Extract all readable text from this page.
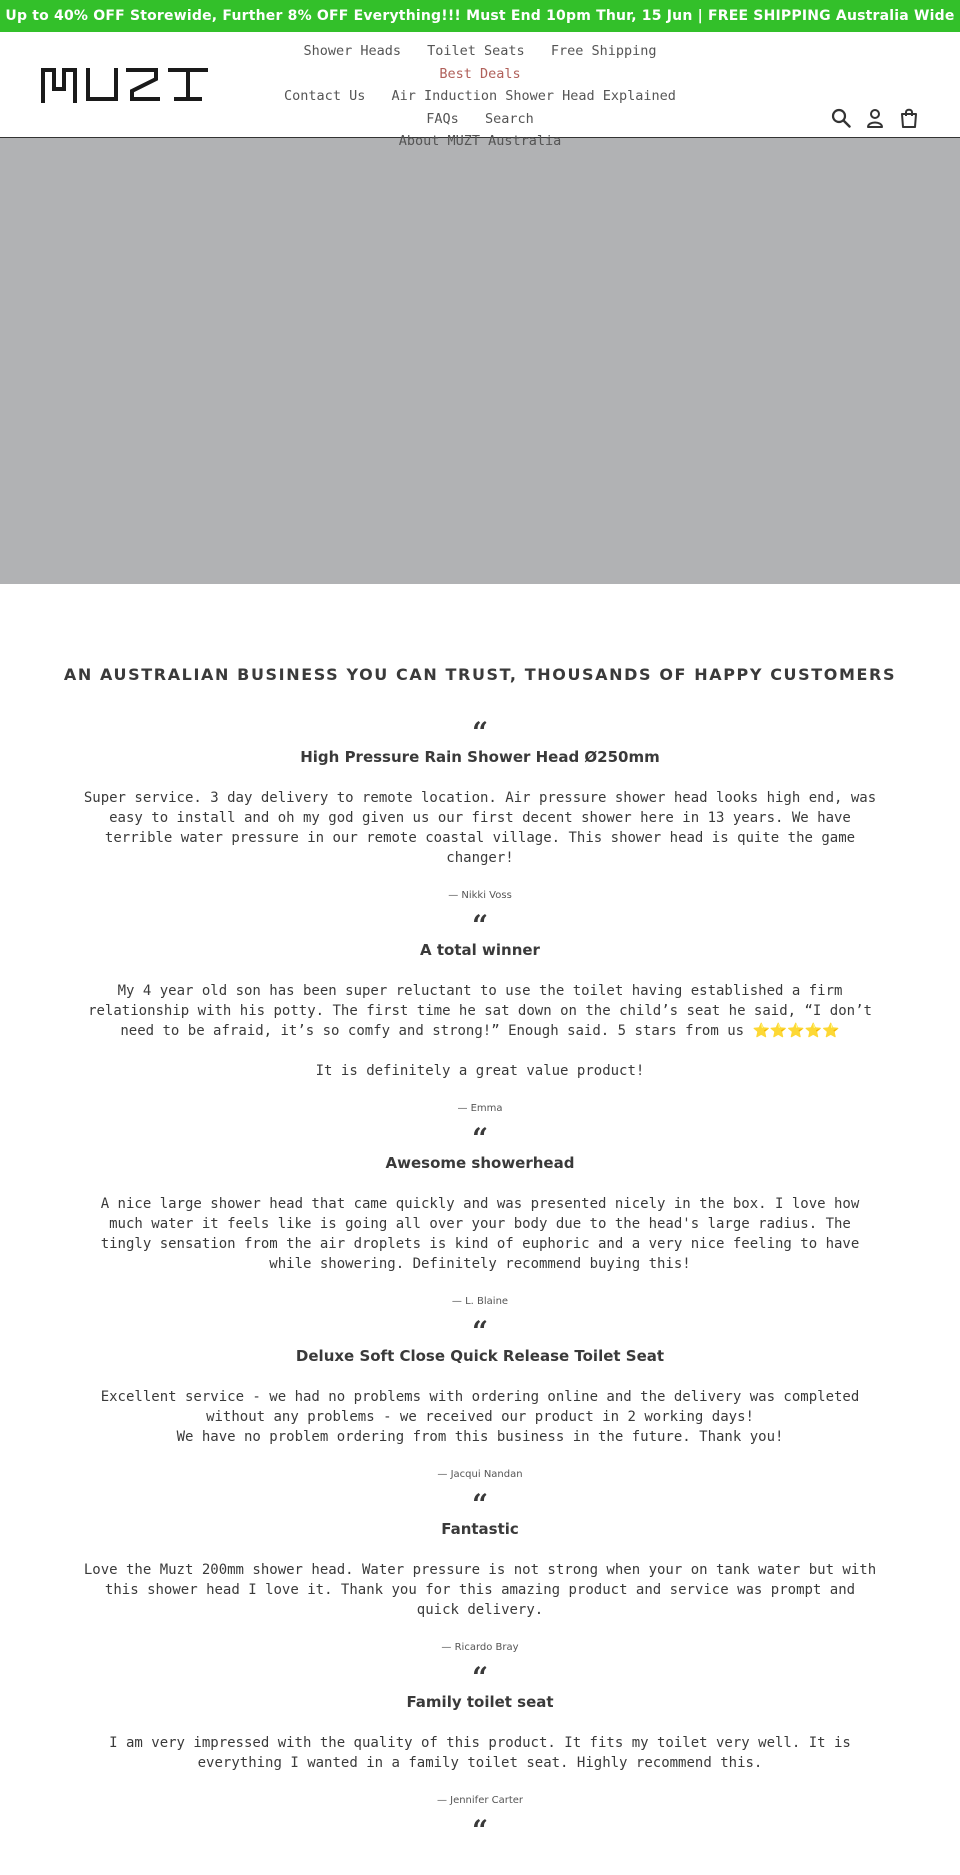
Up to 40% OFF Storewide, Further 8% OFF Everything!!! Must End 10pm Thur, 15 Jun | FREE SHIPPING Australia Wide
MUZT
Shower Heads Toilet Seats Free Shipping Best Deals
Contact Us Air Induction Shower Head Explained FAQs Search
About MUZT Australia
AN AUSTRALIAN BUSINESS YOU CAN TRUST, THOUSANDS OF HAPPY CUSTOMERS
“
High Pressure Rain Shower Head Ø250mm

Super service. 3 day delivery to remote location. Air pressure shower head looks high end, was easy to install and oh my god given us our first decent shower here in 13 years. We have terrible water pressure in our remote coastal village. This shower head is quite the game changer!

— Nikki Voss
“
A total winner

My 4 year old son has been super reluctant to use the toilet having established a firm relationship with his potty. The first time he sat down on the child’s seat he said, “I don’t need to be afraid, it’s so comfy and strong!” Enough said. 5 stars from us ⭐⭐⭐⭐⭐

It is definitely a great value product!

— Emma
“
Awesome showerhead

A nice large shower head that came quickly and was presented nicely in the box. I love how much water it feels like is going all over your body due to the head's large radius. The tingly sensation from the air droplets is kind of euphoric and a very nice feeling to have while showering. Definitely recommend buying this!

— L. Blaine
“
Deluxe Soft Close Quick Release Toilet Seat

Excellent service - we had no problems with ordering online and the delivery was completed without any problems - we received our product in 2 working days!
We have no problem ordering from this business in the future. Thank you!

— Jacqui Nandan
“
Fantastic

Love the Muzt 200mm shower head. Water pressure is not strong when your on tank water but with this shower head I love it. Thank you for this amazing product and service was prompt and quick delivery.

— Ricardo Bray
“
Family toilet seat

I am very impressed with the quality of this product. It fits my toilet very well. It is everything I wanted in a family toilet seat. Highly recommend this.

— Jennifer Carter
“
